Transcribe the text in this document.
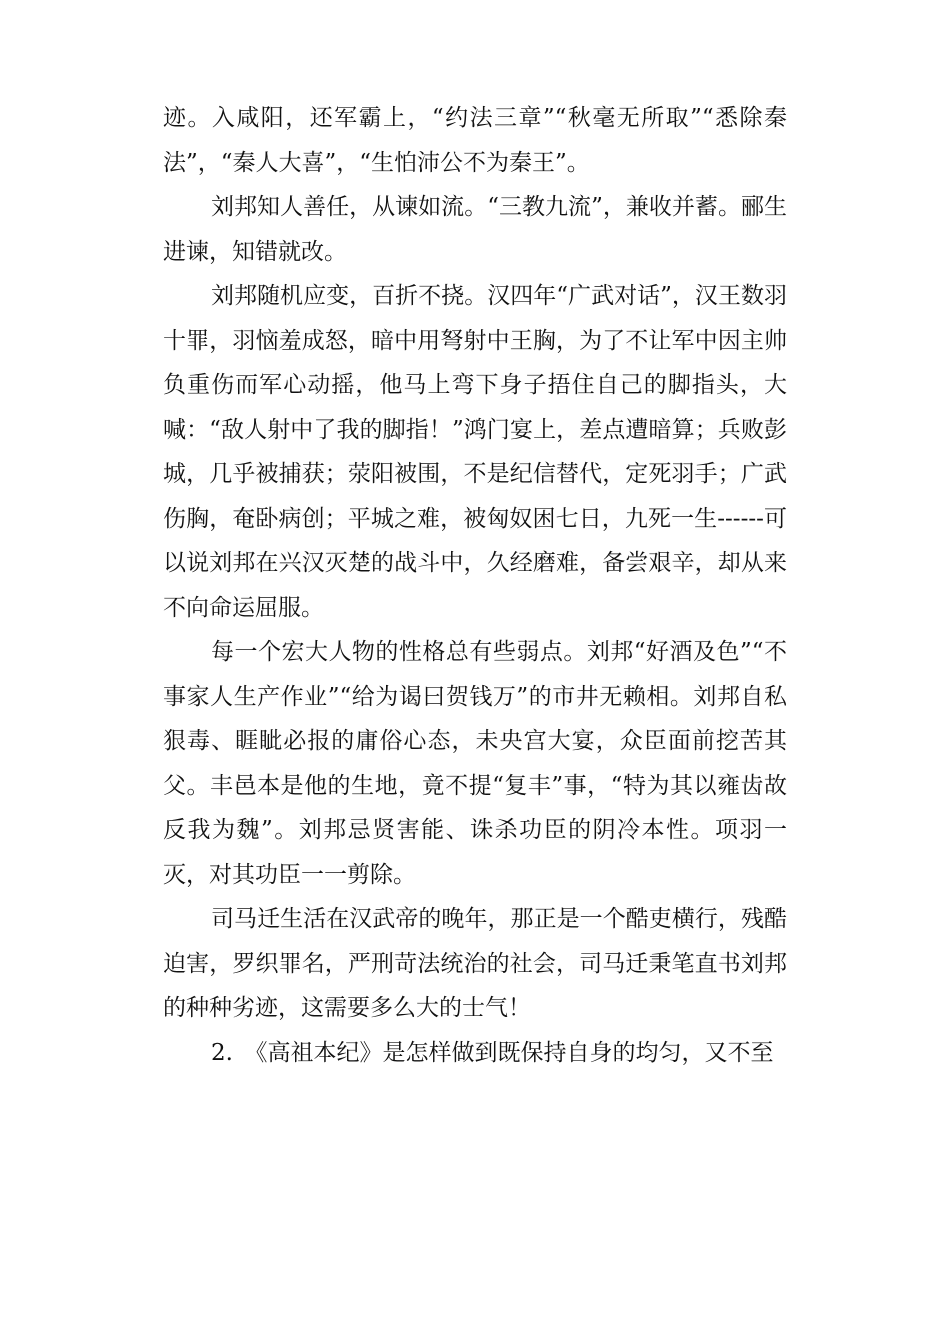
迹。入咸阳，还军霸上，“约法三章”“秋毫无所取”“悉除秦法”，“秦人大喜”，“生怕沛公不为秦王”。

刘邦知人善任，从谏如流。“三教九流”，兼收并蓄。郦生进谏，知错就改。

刘邦随机应变，百折不挠。汉四年“广武对话”，汉王数羽十罪，羽恼羞成怒，暗中用弩射中王胸，为了不让军中因主帅负重伤而军心动摇，他马上弯下身子捂住自己的脚指头，大喊：“敌人射中了我的脚指！”鸿门宴上，差点遭暗算；兵败彭城，几乎被捕获；荥阳被围，不是纪信替代，定死羽手；广武伤胸，奄卧病创；平城之难，被匈奴困七日，九死一生------可以说刘邦在兴汉灭楚的战斗中，久经磨难，备尝艰辛，却从来不向命运屈服。

每一个宏大人物的性格总有些弱点。刘邦“好酒及色”“不事家人生产作业”“给为谒曰贺钱万”的市井无赖相。刘邦自私狠毒、睚眦必报的庸俗心态，未央宫大宴，众臣面前挖苦其父。丰邑本是他的生地，竟不提“复丰”事，“特为其以雍齿故反我为魏”。刘邦忌贤害能、诛杀功臣的阴冷本性。项羽一灭，对其功臣一一剪除。

司马迁生活在汉武帝的晚年，那正是一个酷吏横行，残酷迫害，罗织罪名，严刑苛法统治的社会，司马迁秉笔直书刘邦的种种劣迹，这需要多么大的士气！

2.　《高祖本纪》是怎样做到既保持自身的均匀，又不至
